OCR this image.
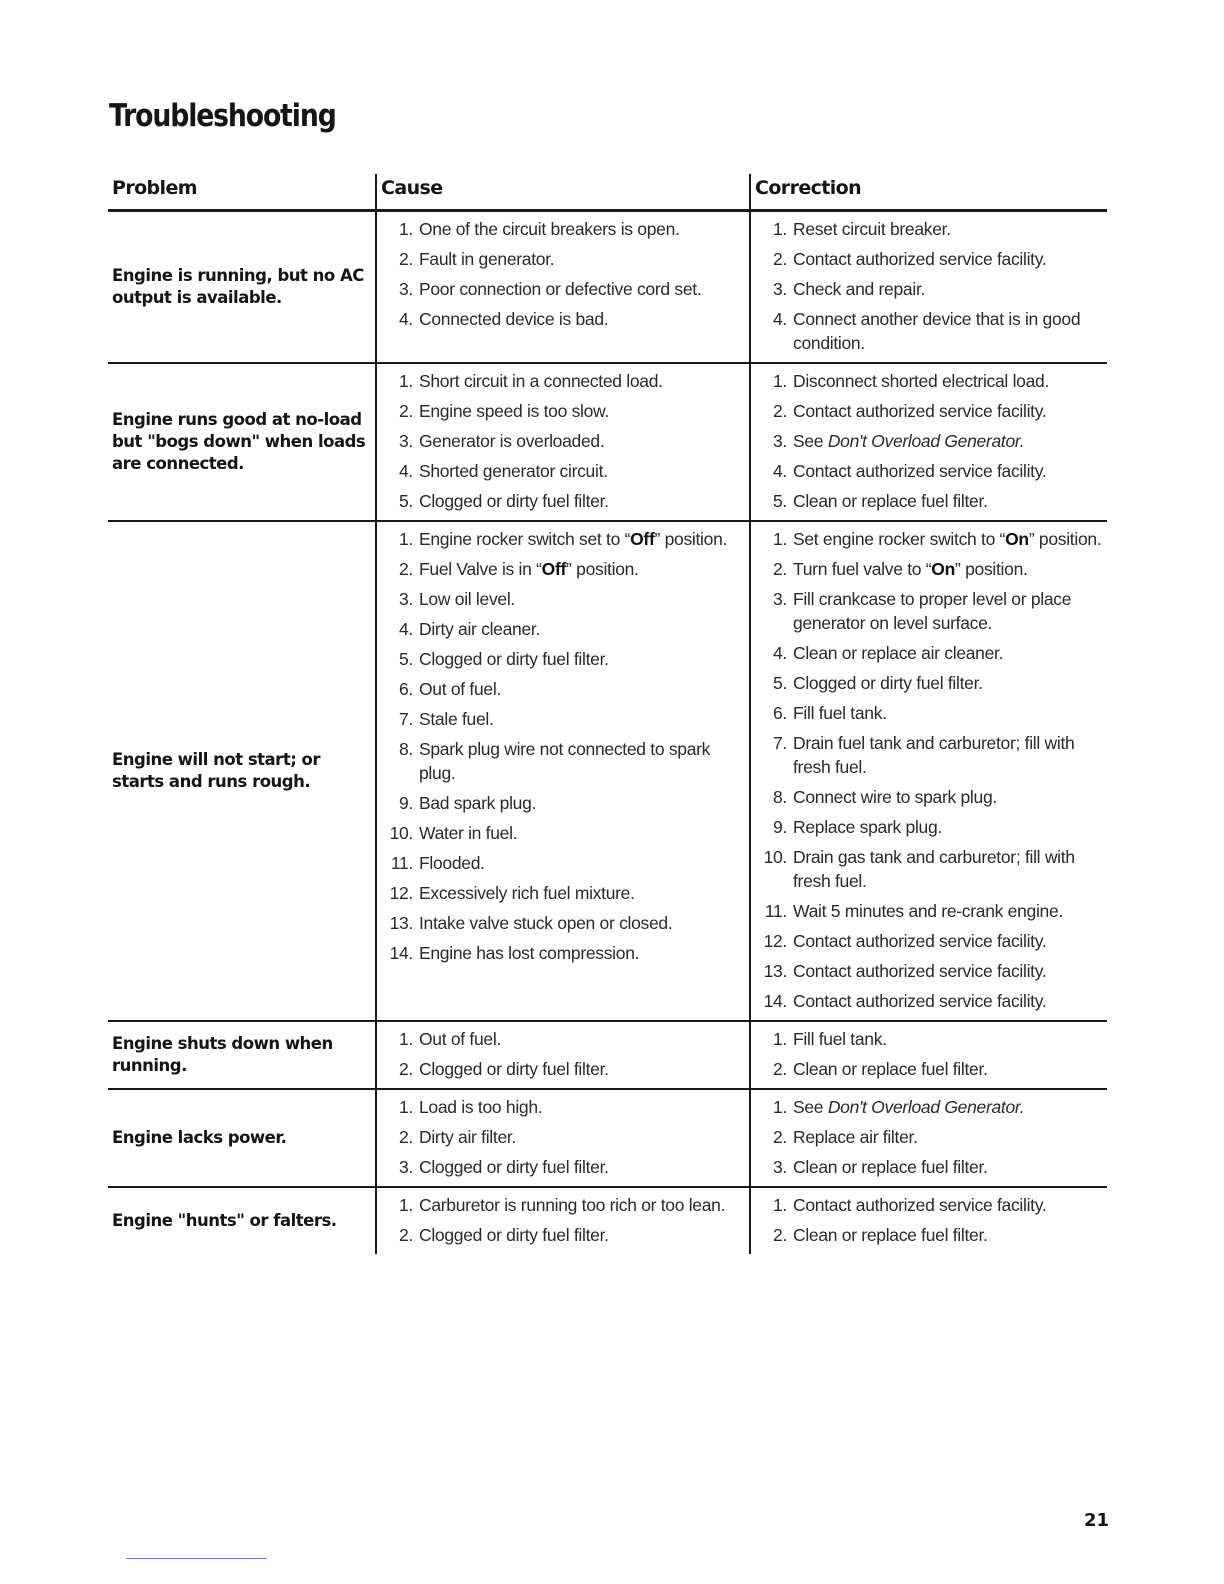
Troubleshooting
Problem	Cause	Correction
Engine is running, but no AC output is available.
1. One of the circuit breakers is open.
2. Fault in generator.
3. Poor connection or defective cord set.
4. Connected device is bad.
1. Reset circuit breaker.
2. Contact authorized service facility.
3. Check and repair.
4. Connect another device that is in good condition.
Engine runs good at no-load but "bogs down" when loads are connected.
1. Short circuit in a connected load.
2. Engine speed is too slow.
3. Generator is overloaded.
4. Shorted generator circuit.
5. Clogged or dirty fuel filter.
1. Disconnect shorted electrical load.
2. Contact authorized service facility.
3. See Don't Overload Generator.
4. Contact authorized service facility.
5. Clean or replace fuel filter.
Engine will not start; or starts and runs rough.
1. Engine rocker switch set to “Off” position.
2. Fuel Valve is in “Off” position.
3. Low oil level.
4. Dirty air cleaner.
5. Clogged or dirty fuel filter.
6. Out of fuel.
7. Stale fuel.
8. Spark plug wire not connected to spark plug.
9. Bad spark plug.
10. Water in fuel.
11. Flooded.
12. Excessively rich fuel mixture.
13. Intake valve stuck open or closed.
14. Engine has lost compression.
1. Set engine rocker switch to “On” position.
2. Turn fuel valve to “On” position.
3. Fill crankcase to proper level or place generator on level surface.
4. Clean or replace air cleaner.
5. Clogged or dirty fuel filter.
6. Fill fuel tank.
7. Drain fuel tank and carburetor; fill with fresh fuel.
8. Connect wire to spark plug.
9. Replace spark plug.
10. Drain gas tank and carburetor; fill with fresh fuel.
11. Wait 5 minutes and re-crank engine.
12. Contact authorized service facility.
13. Contact authorized service facility.
14. Contact authorized service facility.
Engine shuts down when running.
1. Out of fuel.
2. Clogged or dirty fuel filter.
1. Fill fuel tank.
2. Clean or replace fuel filter.
Engine lacks power.
1. Load is too high.
2. Dirty air filter.
3. Clogged or dirty fuel filter.
1. See Don't Overload Generator.
2. Replace air filter.
3. Clean or replace fuel filter.
Engine "hunts" or falters.
1. Carburetor is running too rich or too lean.
2. Clogged or dirty fuel filter.
1. Contact authorized service facility.
2. Clean or replace fuel filter.
21
